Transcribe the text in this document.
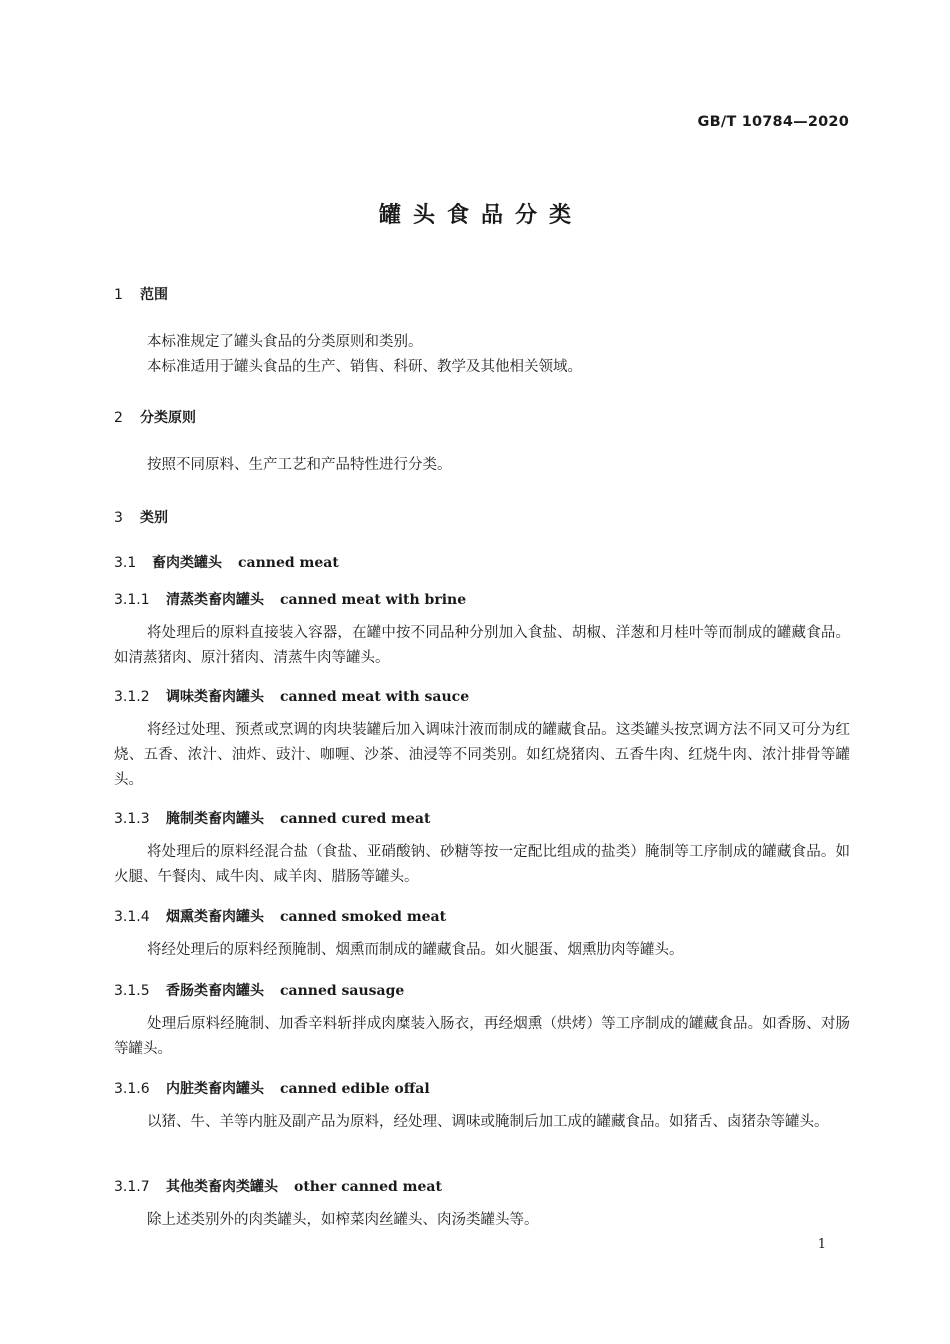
GB/T 10784—2020
罐头食品分类
1 范围

本标准规定了罐头食品的分类原则和类别。

本标准适用于罐头食品的生产、销售、科研、教学及其他相关领域。

2 分类原则

按照不同原料、生产工艺和产品特性进行分类。

3 类别
3.1 畜肉类罐头 canned meat
3.1.1 清蒸类畜肉罐头 canned meat with brine

将处理后的原料直接装入容器，在罐中按不同品种分别加入食盐、胡椒、洋葱和月桂叶等而制成的罐藏食品。如清蒸猪肉、原汁猪肉、清蒸牛肉等罐头。

3.1.2 调味类畜肉罐头 canned meat with sauce

将经过处理、预煮或烹调的肉块装罐后加入调味汁液而制成的罐藏食品。这类罐头按烹调方法不同又可分为红烧、五香、浓汁、油炸、豉汁、咖喱、沙茶、油浸等不同类别。如红烧猪肉、五香牛肉、红烧牛肉、浓汁排骨等罐头。

3.1.3 腌制类畜肉罐头 canned cured meat

将处理后的原料经混合盐（食盐、亚硝酸钠、砂糖等按一定配比组成的盐类）腌制等工序制成的罐藏食品。如火腿、午餐肉、咸牛肉、咸羊肉、腊肠等罐头。

3.1.4 烟熏类畜肉罐头 canned smoked meat

将经处理后的原料经预腌制、烟熏而制成的罐藏食品。如火腿蛋、烟熏肋肉等罐头。

3.1.5 香肠类畜肉罐头 canned sausage

处理后原料经腌制、加香辛料斩拌成肉糜装入肠衣，再经烟熏（烘烤）等工序制成的罐藏食品。如香肠、对肠等罐头。

3.1.6 内脏类畜肉罐头 canned edible offal

以猪、牛、羊等内脏及副产品为原料，经处理、调味或腌制后加工成的罐藏食品。如猪舌、卤猪杂等罐头。

3.1.7 其他类畜肉类罐头 other canned meat

除上述类别外的肉类罐头，如榨菜肉丝罐头、肉汤类罐头等。

1
